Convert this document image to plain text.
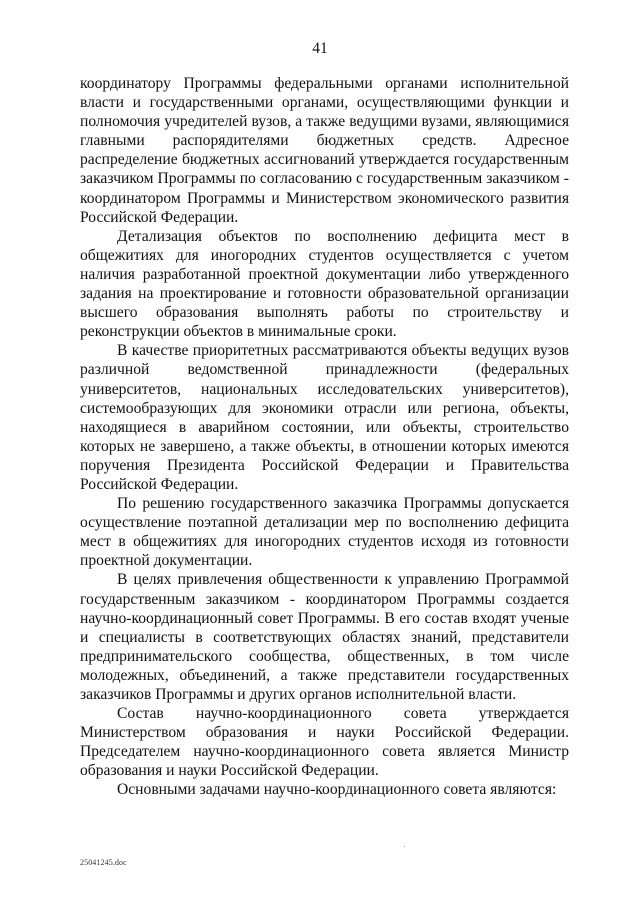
41

координатору Программы федеральными органами исполнительной власти и государственными органами, осуществляющими функции и полномочия учредителей вузов, а также ведущими вузами, являющимися главными распорядителями бюджетных средств. Адресное распределение бюджетных ассигнований утверждается государственным заказчиком Программы по согласованию с государственным заказчиком - координатором Программы и Министерством экономического развития Российской Федерации.

Детализация объектов по восполнению дефицита мест в общежитиях для иногородних студентов осуществляется с учетом наличия разработанной проектной документации либо утвержденного задания на проектирование и готовности образовательной организации высшего образования выполнять работы по строительству и реконструкции объектов в минимальные сроки.

В качестве приоритетных рассматриваются объекты ведущих вузов различной ведомственной принадлежности (федеральных университетов, национальных исследовательских университетов), системообразующих для экономики отрасли или региона, объекты, находящиеся в аварийном состоянии, или объекты, строительство которых не завершено, а также объекты, в отношении которых имеются поручения Президента Российской Федерации и Правительства Российской Федерации.

По решению государственного заказчика Программы допускается осуществление поэтапной детализации мер по восполнению дефицита мест в общежитиях для иногородних студентов исходя из готовности проектной документации.

В целях привлечения общественности к управлению Программой государственным заказчиком - координатором Программы создается научно-координационный совет Программы. В его состав входят ученые и специалисты в соответствующих областях знаний, представители предпринимательского сообщества, общественных, в том числе молодежных, объединений, а также представители государственных заказчиков Программы и других органов исполнительной власти.

Состав научно-координационного совета утверждается Министерством образования и науки Российской Федерации. Председателем научно-координационного совета является Министр образования и науки Российской Федерации.

Основными задачами научно-координационного совета являются:

25041245.doc
